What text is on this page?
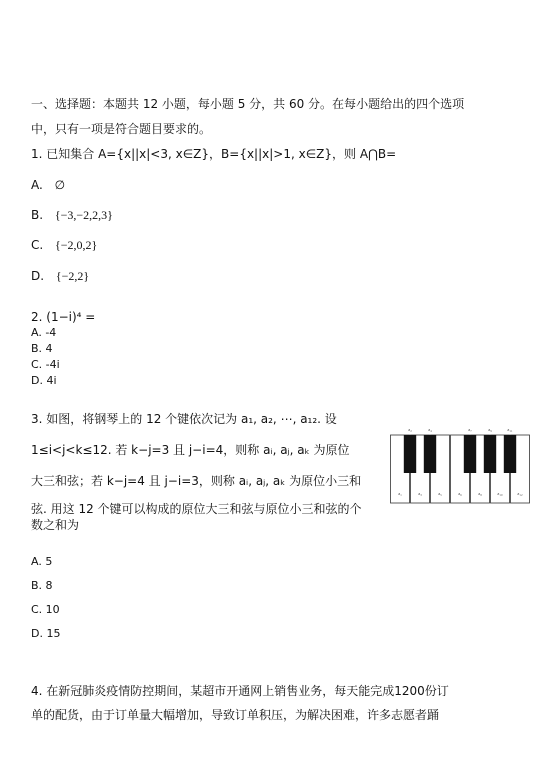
一、选择题：本题共 12 小题，每小题 5 分，共 60 分。在每小题给出的四个选项
中，只有一项是符合题目要求的。
1. 已知集合 A={x||x|<3, x∈Z}，B={x||x|>1, x∈Z}，则 A⋂B=
A. ∅
B. {−3,−2,2,3}
C. {−2,0,2}
D. {−2,2}
2. (1−i)⁴ =
A. -4
B. 4
C. -4i
D. 4i
3. 如图，将钢琴上的 12 个键依次记为 a₁, a₂, ⋯, a₁₂. 设
1≤i<j<k≤12. 若 k−j=3 且 j−i=4，则称 aᵢ, aⱼ, aₖ 为原位
大三和弦；若 k−j=4 且 j−i=3，则称 aᵢ, aⱼ, aₖ 为原位小三和
弦. 用这 12 个键可以构成的原位大三和弦与原位小三和弦的个
数之和为
a₁	a₃	a₅	a₆	a₈	a₁₀	a₁₂
a₂	a₄	a₇	a₉	a₁₁
A. 5
B. 8
C. 10
D. 15
4. 在新冠肺炎疫情防控期间，某超市开通网上销售业务，每天能完成1200份订
单的配货，由于订单量大幅增加，导致订单积压，为解决困难，许多志愿者踊
